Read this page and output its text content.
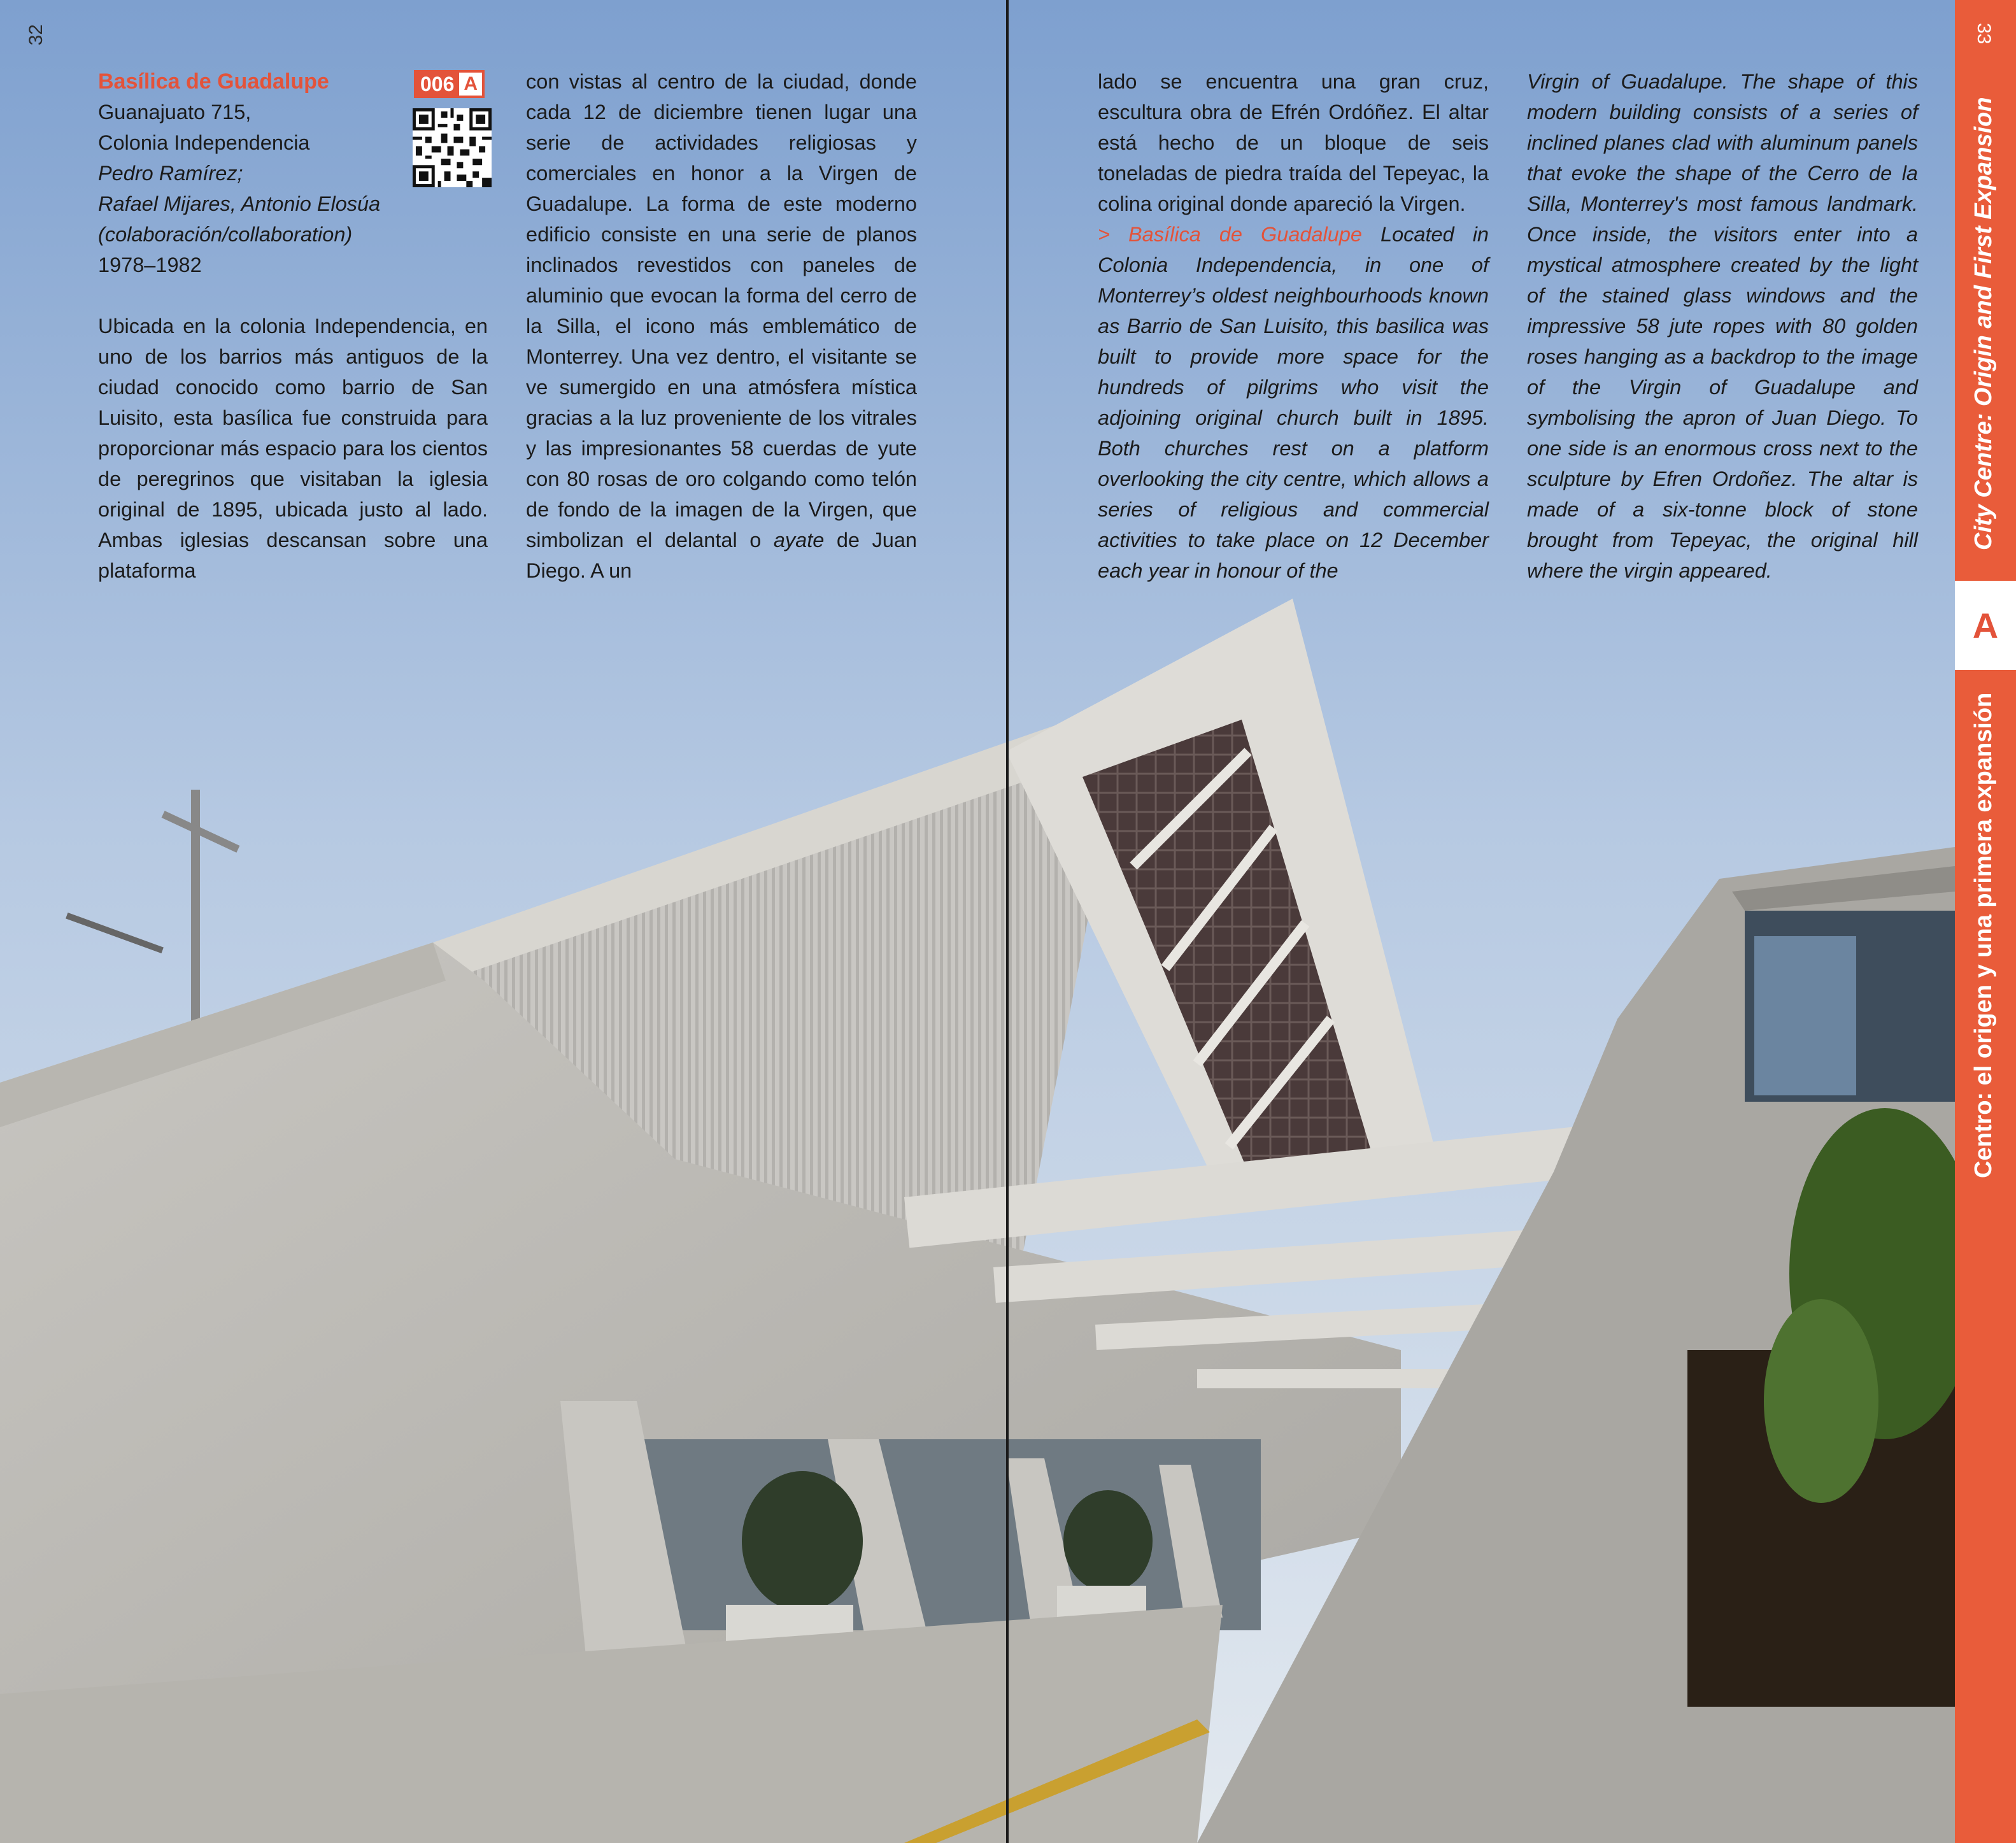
32
Basílica de Guadalupe
Guanajuato 715,
Colonia Independencia
Pedro Ramírez;
Rafael Mijares, Antonio Elosúa
(colaboración/collaboration)
1978–1982

Ubicada en la colonia Independencia, en uno de los barrios más antiguos de la ciudad conocido como barrio de San Luisito, esta basílica fue construida para proporcionar más espacio para los cientos de peregrinos que visitaban la iglesia original de 1895, ubicada justo al lado. Ambas iglesias descansan sobre una plataforma

006 A con vistas al centro de la ciudad, donde cada 12 de diciembre tienen lugar una serie de actividades religiosas y comerciales en honor a la Virgen de Guadalupe. La forma de este moderno edificio consiste en una serie de planos inclinados revestidos con paneles de aluminio que evocan la forma del cerro de la Silla, el icono más emblemático de Monterrey. Una vez dentro, el visitante se ve sumergido en una atmósfera mística gracias a la luz proveniente de los vitrales y las impresionantes 58 cuerdas de yute con 80 rosas de oro colgando como telón de fondo de la imagen de la Virgen, que simbolizan el delantal o ayate de Juan Diego. A un

lado se encuentra una gran cruz, escultura obra de Efrén Ordóñez. El altar está hecho de un bloque de seis toneladas de piedra traída del Tepeyac, la colina original donde apareció la Virgen.

> Basílica de Guadalupe Located in Colonia Independencia, in one of Monterrey’s oldest neighbourhoods known as Barrio de San Luisito, this basilica was built to provide more space for the hundreds of pilgrims who visit the adjoining original church built in 1895. Both churches rest on a platform overlooking the city centre, which allows a series of religious and commercial activities to take place on 12 December each year in honour of the

Virgin of Guadalupe. The shape of this modern building consists of a series of inclined planes clad with aluminum panels that evoke the shape of the Cerro de la Silla, Monterrey's most famous landmark. Once inside, the visitors enter into a mystical atmosphere created by the light of the stained glass windows and the impressive 58 jute ropes with 80 golden roses hanging as a backdrop to the image of the Virgin of Guadalupe and symbolising the apron of Juan Diego. To one side is an enormous cross next to the sculpture by Efren Ordoñez. The altar is made of a six-tonne block of stone brought from Tepeyac, the original hill where the virgin appeared.

33
City Centre: Origin and First Expansion
A
Centro: el origen y una primera expansión
